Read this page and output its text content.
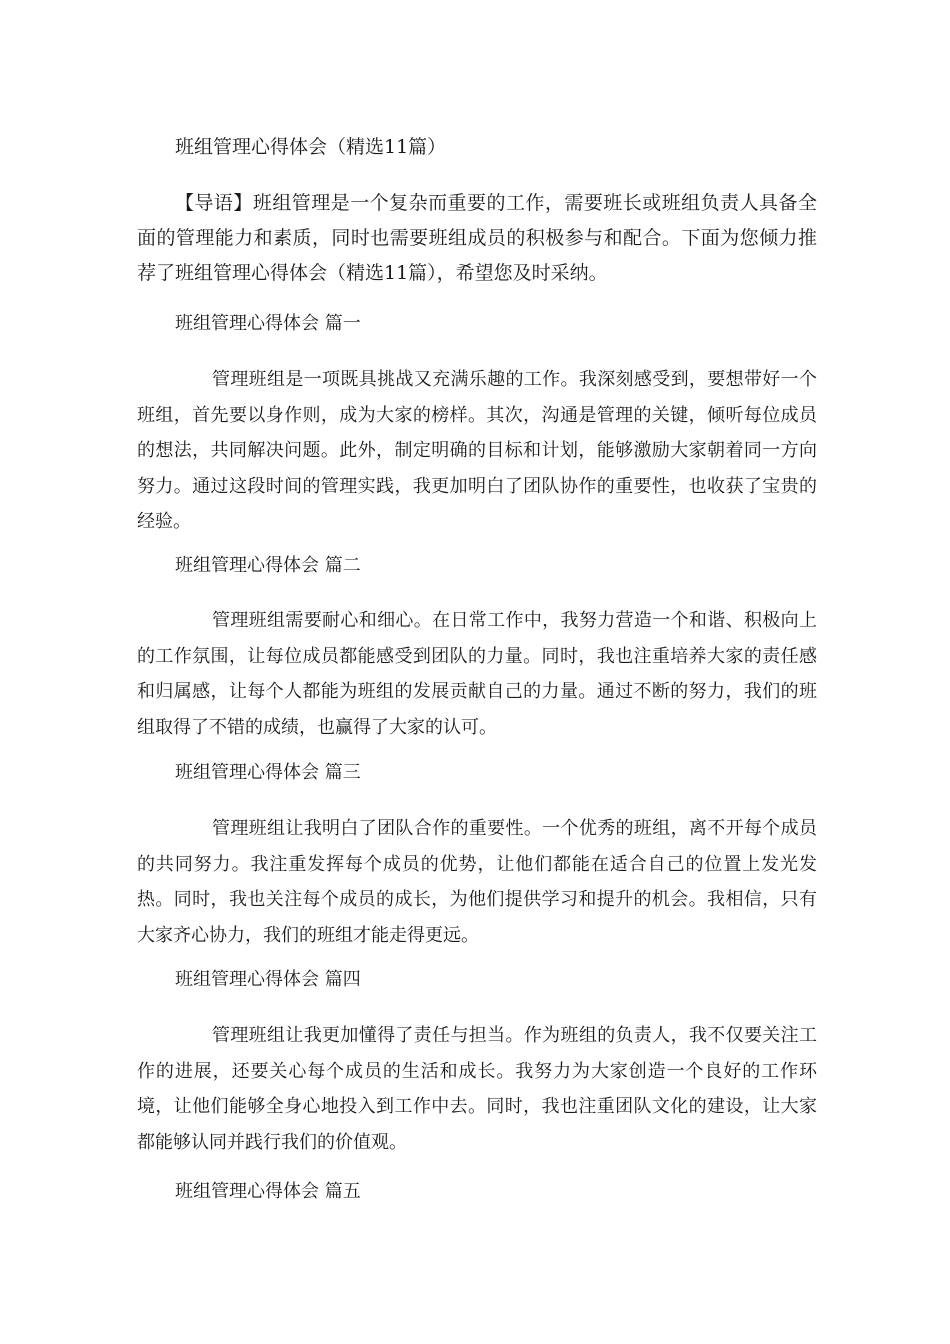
班组管理心得体会（精选11篇）
【导语】班组管理是一个复杂而重要的工作，需要班长或班组负责人具备全面的管理能力和素质，同时也需要班组成员的积极参与和配合。下面为您倾力推荐了班组管理心得体会（精选11篇），希望您及时采纳。
班组管理心得体会 篇一
管理班组是一项既具挑战又充满乐趣的工作。我深刻感受到，要想带好一个班组，首先要以身作则，成为大家的榜样。其次，沟通是管理的关键，倾听每位成员的想法，共同解决问题。此外，制定明确的目标和计划，能够激励大家朝着同一方向努力。通过这段时间的管理实践，我更加明白了团队协作的重要性，也收获了宝贵的经验。
班组管理心得体会 篇二
管理班组需要耐心和细心。在日常工作中，我努力营造一个和谐、积极向上的工作氛围，让每位成员都能感受到团队的力量。同时，我也注重培养大家的责任感和归属感，让每个人都能为班组的发展贡献自己的力量。通过不断的努力，我们的班组取得了不错的成绩，也赢得了大家的认可。
班组管理心得体会 篇三
管理班组让我明白了团队合作的重要性。一个优秀的班组，离不开每个成员的共同努力。我注重发挥每个成员的优势，让他们都能在适合自己的位置上发光发热。同时，我也关注每个成员的成长，为他们提供学习和提升的机会。我相信，只有大家齐心协力，我们的班组才能走得更远。
班组管理心得体会 篇四
管理班组让我更加懂得了责任与担当。作为班组的负责人，我不仅要关注工作的进展，还要关心每个成员的生活和成长。我努力为大家创造一个良好的工作环境，让他们能够全身心地投入到工作中去。同时，我也注重团队文化的建设，让大家都能够认同并践行我们的价值观。
班组管理心得体会 篇五
